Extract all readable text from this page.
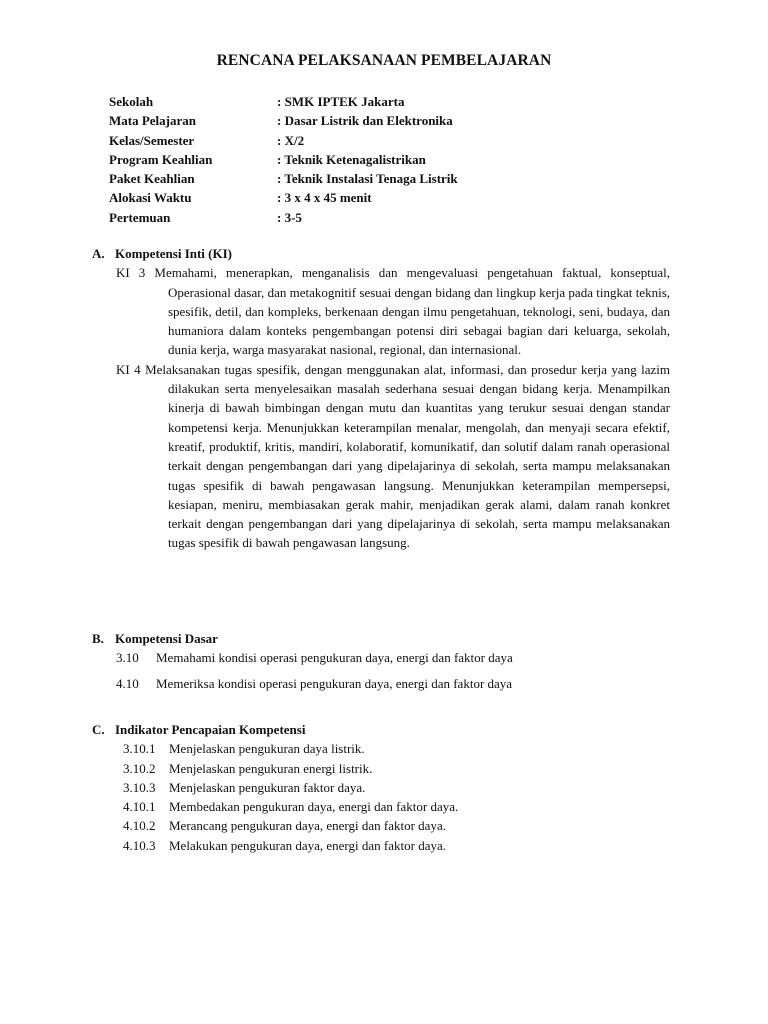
RENCANA PELAKSANAAN PEMBELAJARAN
Sekolah	: SMK IPTEK Jakarta
Mata Pelajaran	: Dasar Listrik dan Elektronika
Kelas/Semester	: X/2
Program Keahlian	: Teknik Ketenagalistrikan
Paket Keahlian	: Teknik Instalasi Tenaga Listrik
Alokasi Waktu	: 3 x 4 x 45 menit
Pertemuan	: 3-5
A. Kompetensi Inti (KI)
KI 3 Memahami, menerapkan, menganalisis dan mengevaluasi pengetahuan faktual, konseptual, Operasional dasar, dan metakognitif sesuai dengan bidang dan lingkup kerja pada tingkat teknis, spesifik, detil, dan kompleks, berkenaan dengan ilmu pengetahuan, teknologi, seni, budaya, dan humaniora dalam konteks pengembangan potensi diri sebagai bagian dari keluarga, sekolah, dunia kerja, warga masyarakat nasional, regional, dan internasional.
KI 4 Melaksanakan tugas spesifik, dengan menggunakan alat, informasi, dan prosedur kerja yang lazim dilakukan serta menyelesaikan masalah sederhana sesuai dengan bidang kerja. Menampilkan kinerja di bawah bimbingan dengan mutu dan kuantitas yang terukur sesuai dengan standar kompetensi kerja. Menunjukkan keterampilan menalar, mengolah, dan menyaji secara efektif, kreatif, produktif, kritis, mandiri, kolaboratif, komunikatif, dan solutif dalam ranah operasional terkait dengan pengembangan dari yang dipelajarinya di sekolah, serta mampu melaksanakan tugas spesifik di bawah pengawasan langsung. Menunjukkan keterampilan mempersepsi, kesiapan, meniru, membiasakan gerak mahir, menjadikan gerak alami, dalam ranah konkret terkait dengan pengembangan dari yang dipelajarinya di sekolah, serta mampu melaksanakan tugas spesifik di bawah pengawasan langsung.
B. Kompetensi Dasar
3.10	Memahami kondisi operasi pengukuran daya, energi dan faktor daya
4.10	Memeriksa kondisi operasi pengukuran daya, energi dan faktor daya
C. Indikator Pencapaian Kompetensi
3.10.1	Menjelaskan pengukuran daya listrik.
3.10.2	Menjelaskan pengukuran energi listrik.
3.10.3	Menjelaskan pengukuran faktor daya.
4.10.1	Membedakan pengukuran daya, energi dan faktor daya.
4.10.2	Merancang pengukuran daya, energi dan faktor daya.
4.10.3	Melakukan pengukuran daya, energi dan faktor daya.
